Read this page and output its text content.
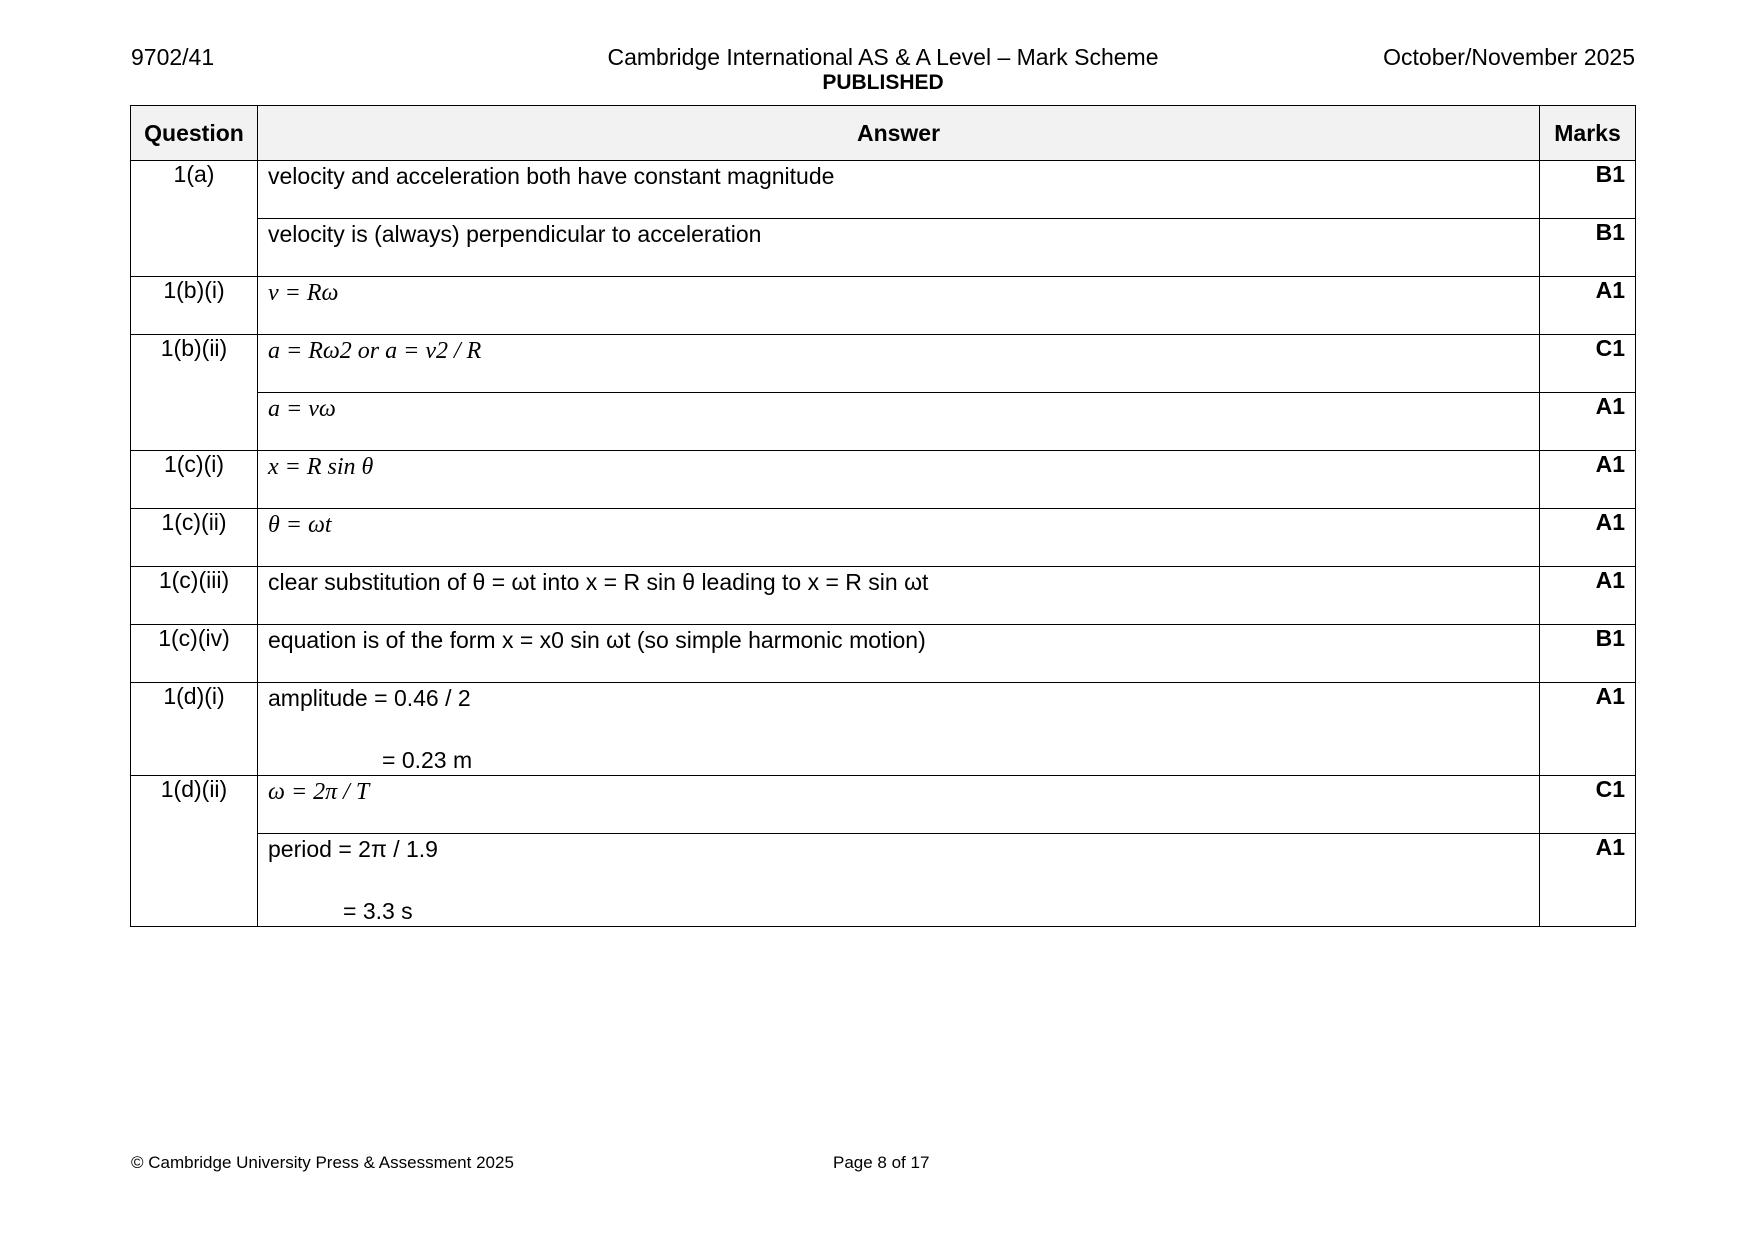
9702/41	Cambridge International AS & A Level – Mark Scheme
PUBLISHED
October/November 2025
Question	Answer	Marks
1(a)	velocity and acceleration both have constant magnitude	B1
	velocity is (always) perpendicular to acceleration	B1
1(b)(i)	v = Rω	A1
1(b)(ii)	a = Rω2 or a = v2 / R	C1
	a = vω	A1
1(c)(i)	x = R sin θ	A1
1(c)(ii)	θ = ωt	A1
1(c)(iii)	clear substitution of θ = ωt into x = R sin θ leading to x = R sin ωt	A1
1(c)(iv)	equation is of the form x = x0 sin ωt (so simple harmonic motion)	B1
1(d)(i)	amplitude = 0.46 / 2
= 0.23 m	A1
1(d)(ii)	ω = 2π / T	C1
	period = 2π / 1.9
= 3.3 s	A1
© Cambridge University Press & Assessment 2025	Page 8 of 17
